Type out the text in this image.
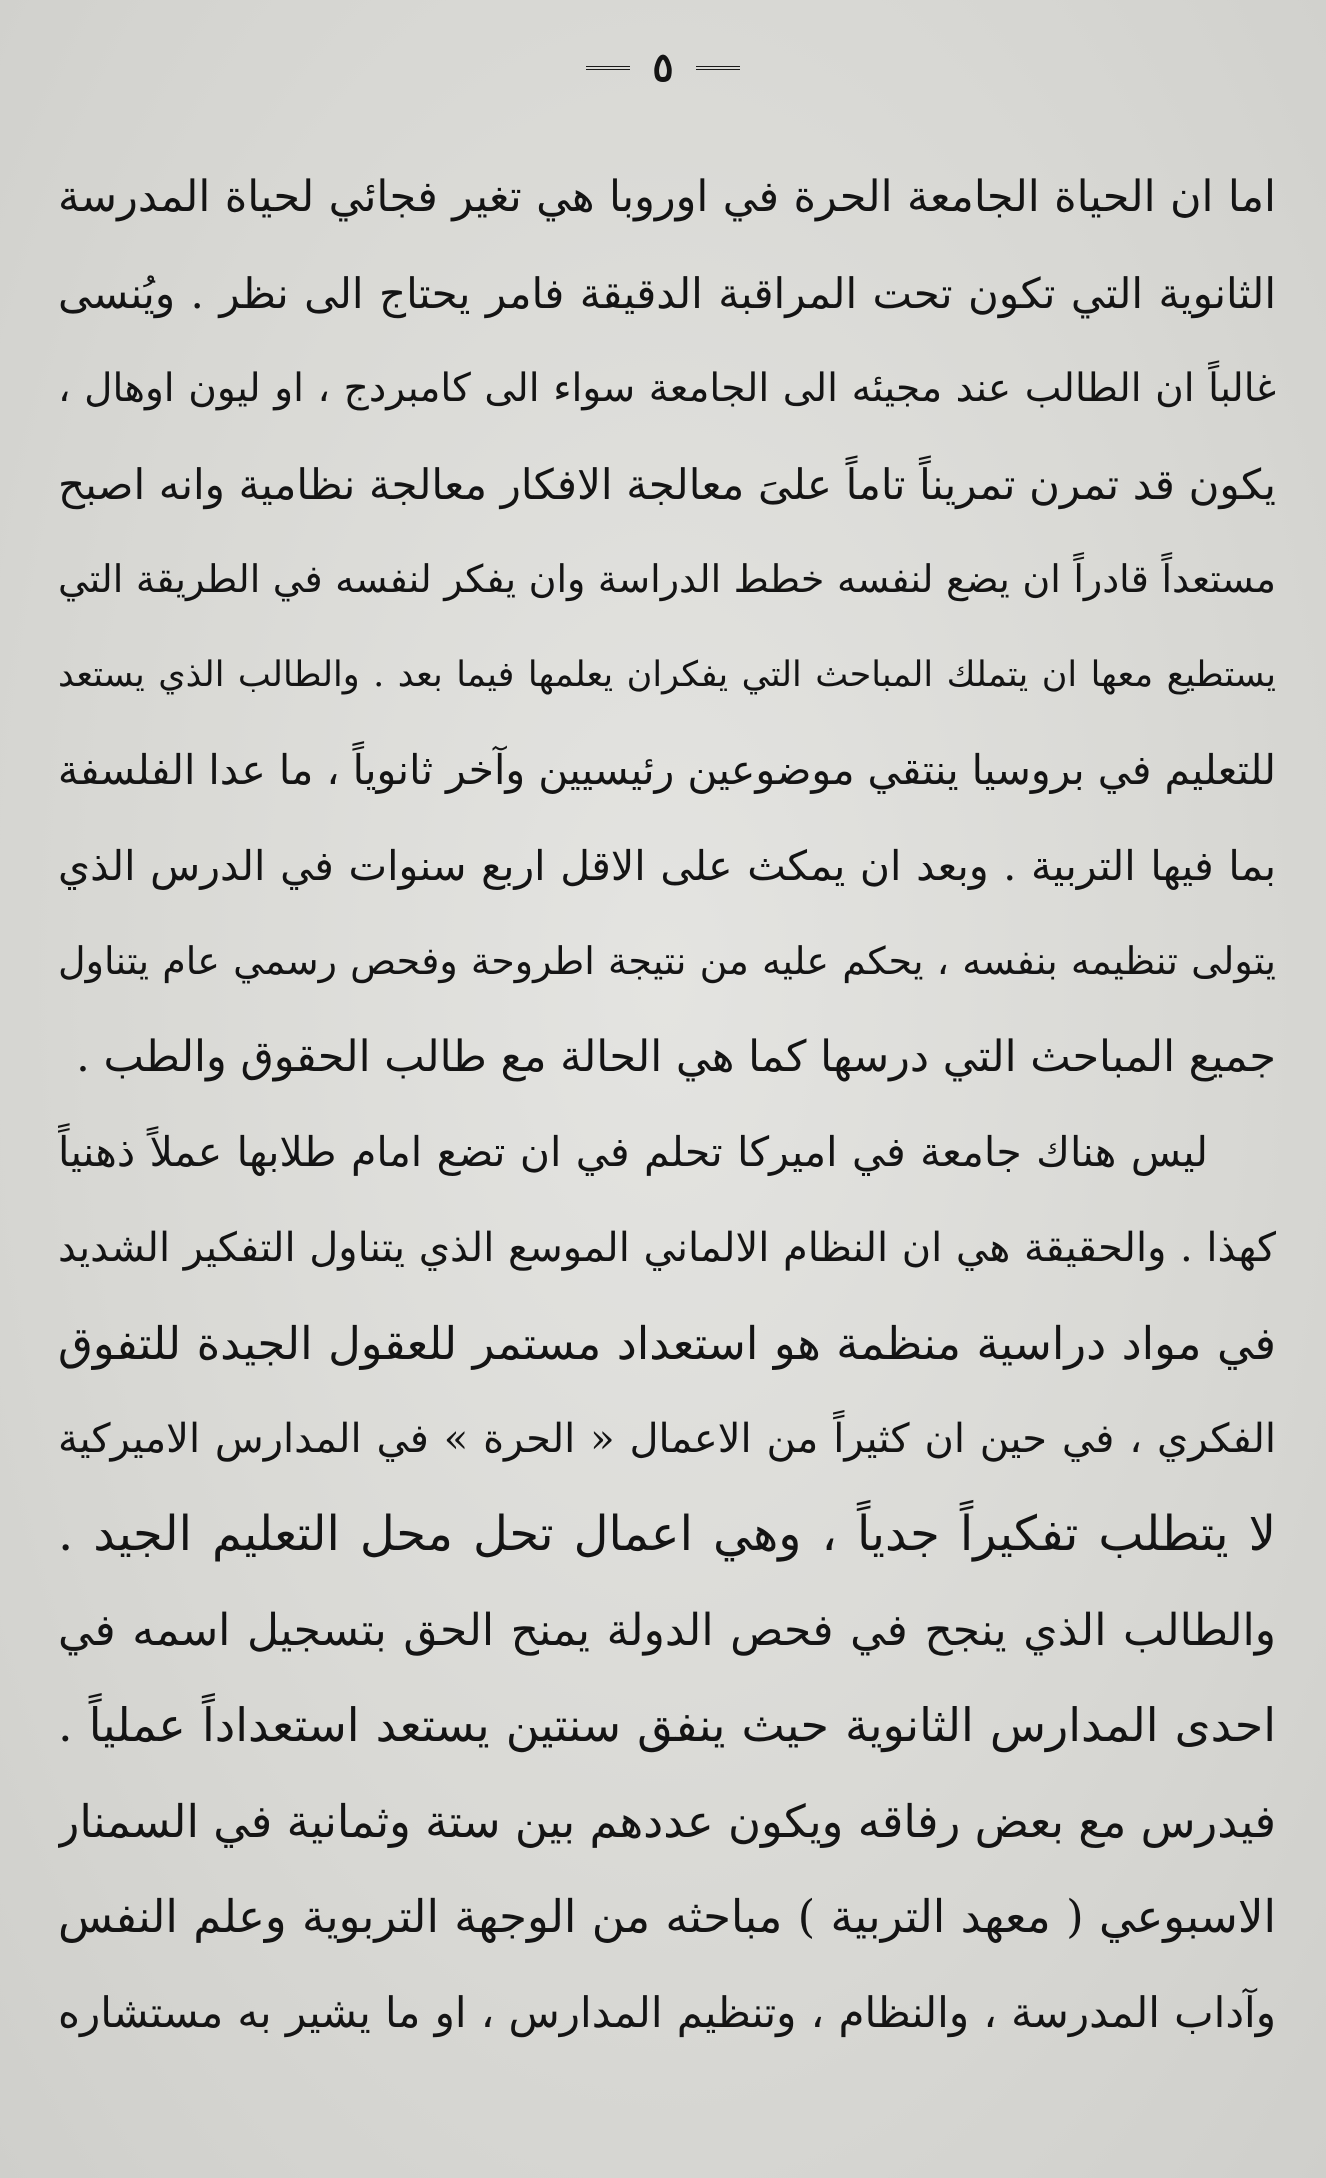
٥
اما ان الحياة الجامعة الحرة في اوروبا هي تغير فجائي لحياة المدرسة
الثانوية التي تكون تحت المراقبة الدقيقة فامر يحتاج الى نظر . ويُنسى
غالباً ان الطالب عند مجيئه الى الجامعة سواء الى كامبردج ، او ليون اوهال ،
يكون قد تمرن تمريناً تاماً علىَ معالجة الافكار معالجة نظامية وانه اصبح
مستعداً قادراً ان يضع لنفسه خطط الدراسة وان يفكر لنفسه في الطريقة التي
يستطيع معها ان يتملك المباحث التي يفكران يعلمها فيما بعد . والطالب الذي يستعد
للتعليم في بروسيا ينتقي موضوعين رئيسيين وآخر ثانوياً ، ما عدا الفلسفة
بما فيها التربية . وبعد ان يمكث على الاقل اربع سنوات في الدرس الذي
يتولى تنظيمه بنفسه ، يحكم عليه من نتيجة اطروحة وفحص رسمي عام يتناول
جميع المباحث التي درسها كما هي الحالة مع طالب الحقوق والطب .
ليس هناك جامعة في اميركا تحلم في ان تضع امام طلابها عملاً ذهنياً
كهذا . والحقيقة هي ان النظام الالماني الموسع الذي يتناول التفكير الشديد
في مواد دراسية منظمة هو استعداد مستمر للعقول الجيدة للتفوق
الفكري ، في حين ان كثيراً من الاعمال « الحرة » في المدارس الاميركية
لا يتطلب تفكيراً جدياً ، وهي اعمال تحل محل التعليم الجيد .
والطالب الذي ينجح في فحص الدولة يمنح الحق بتسجيل اسمه في
احدى المدارس الثانوية حيث ينفق سنتين يستعد استعداداً عملياً .
فيدرس مع بعض رفاقه ويكون عددهم بين ستة وثمانية في السمنار
الاسبوعي ( معهد التربية ) مباحثه من الوجهة التربوية وعلم النفس
وآداب المدرسة ، والنظام ، وتنظيم المدارس ، او ما يشير به مستشاره
